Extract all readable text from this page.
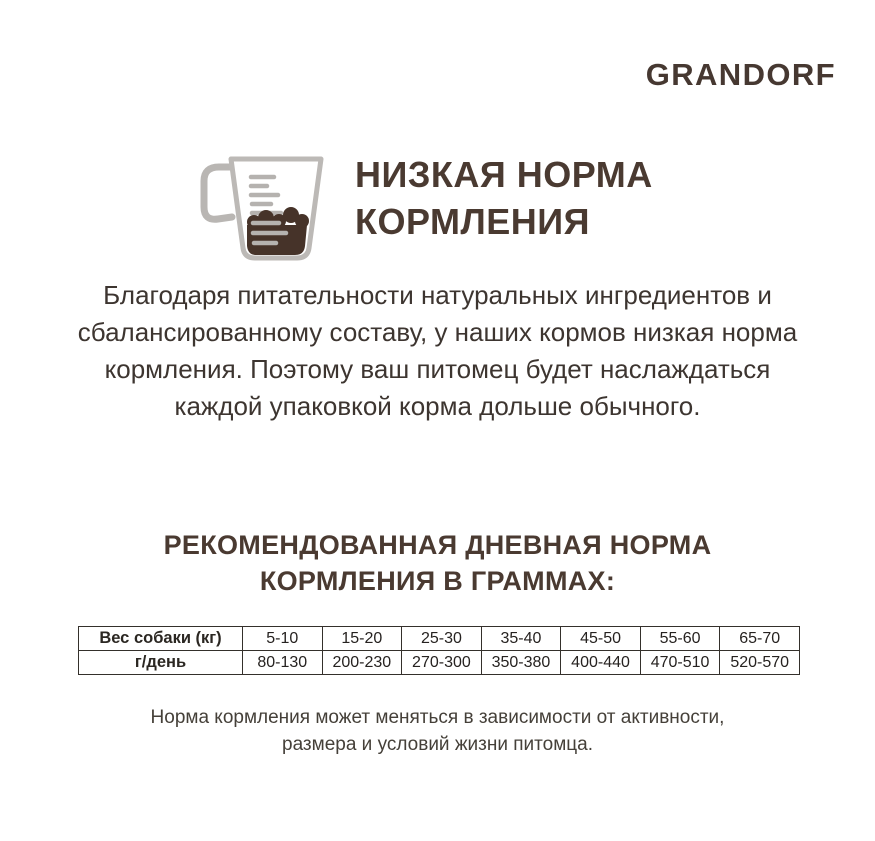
GRANDORF
НИЗКАЯ НОРМА
КОРМЛЕНИЯ
Благодаря питательности натуральных ингредиентов и
сбалансированному составу, у наших кормов низкая норма
кормления. Поэтому ваш питомец будет наслаждаться
каждой упаковкой корма дольше обычного.
РЕКОМЕНДОВАННАЯ ДНЕВНАЯ НОРМА
КОРМЛЕНИЯ В ГРАММАХ:
Вес собаки (кг)	5-10	15-20	25-30	35-40	45-50	55-60	65-70
г/день	80-130	200-230	270-300	350-380	400-440	470-510	520-570
Норма кормления может меняться в зависимости от активности,
размера и условий жизни питомца.
